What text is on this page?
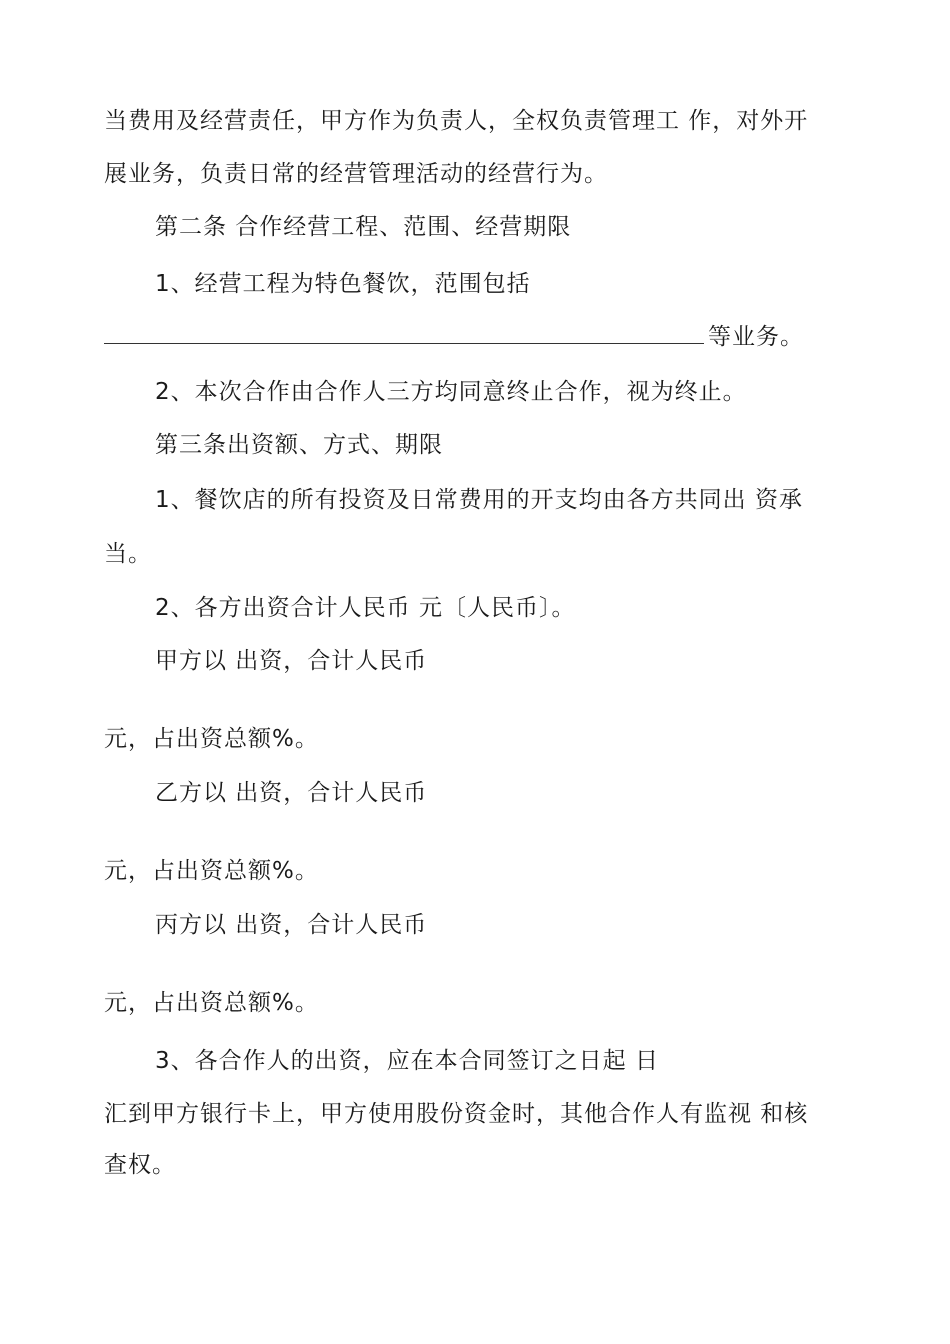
当费用及经营责任，甲方作为负责人，全权负责管理工 作，对外开
展业务，负责日常的经营管理活动的经营行为。
第二条 合作经营工程、范围、经营期限
1、经营工程为特色餐饮，范围包括
等业务。
2、本次合作由合作人三方均同意终止合作，视为终止。
第三条出资额、方式、期限
1、餐饮店的所有投资及日常费用的开支均由各方共同出 资承
当。
2、各方出资合计人民币 元〔人民币〕。
甲方以 出资，合计人民币
元，占出资总额%。
乙方以 出资，合计人民币
元，占出资总额%。
丙方以 出资，合计人民币
元，占出资总额%。
3、各合作人的出资，应在本合同签订之日起 日
汇到甲方银行卡上，甲方使用股份资金时，其他合作人有监视 和核
查权。
